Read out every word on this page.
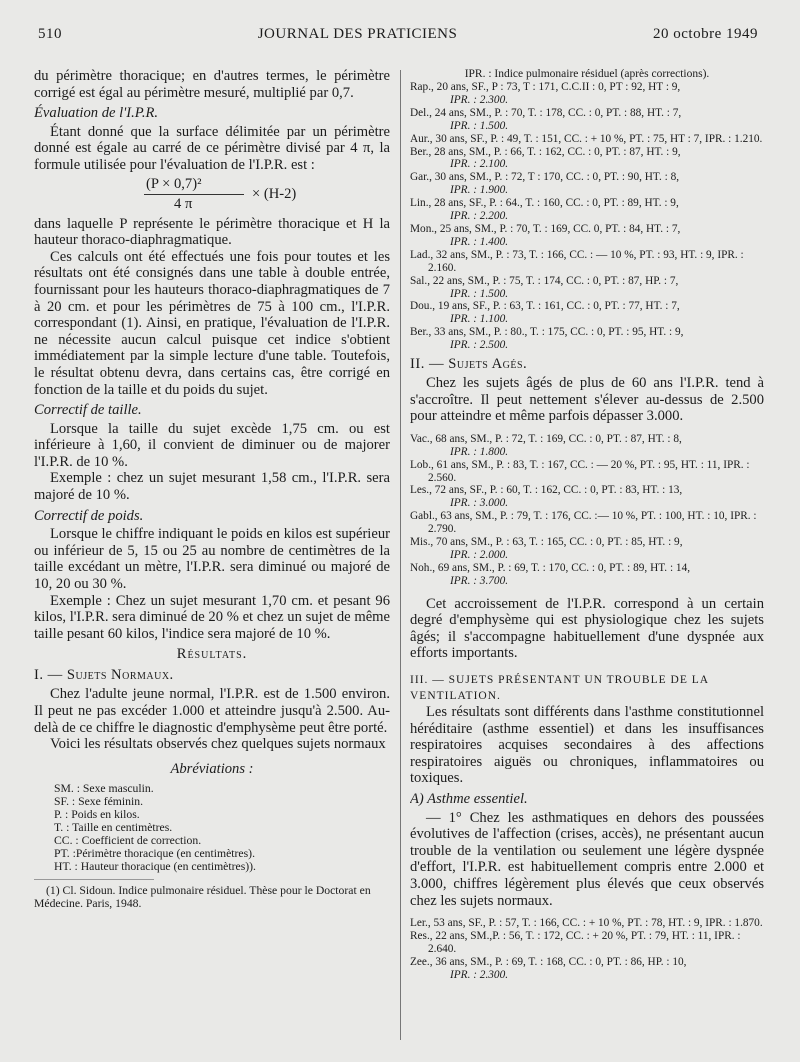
510	JOURNAL DES PRATICIENS	20 octobre 1949

du périmètre thoracique; en d'autres termes, le périmètre corrigé est égal au périmètre mesuré, multiplié par 0,7.

Évaluation de l'I.P.R.

Étant donné que la surface délimitée par un périmètre donné est égale au carré de ce périmètre divisé par 4 π, la formule utilisée pour l'évaluation de l'I.P.R. est :

(P × 0,7)²
4 π
× (H-2)

dans laquelle P représente le périmètre thoracique et H la hauteur thoraco-diaphragmatique.

Ces calculs ont été effectués une fois pour toutes et les résultats ont été consignés dans une table à double entrée, fournissant pour les hauteurs thoraco-diaphragmatiques de 7 à 20 cm. et pour les périmètres de 75 à 100 cm., l'I.P.R. correspondant (1). Ainsi, en pratique, l'évaluation de l'I.P.R. ne nécessite aucun calcul puisque cet indice s'obtient immédiatement par la simple lecture d'une table. Toutefois, le résultat obtenu devra, dans certains cas, être corrigé en fonction de la taille et du poids du sujet.

Correctif de taille.

Lorsque la taille du sujet excède 1,75 cm. ou est inférieure à 1,60, il convient de diminuer ou de majorer l'I.P.R. de 10 %.

Exemple : chez un sujet mesurant 1,58 cm., l'I.P.R. sera majoré de 10 %.

Correctif de poids.

Lorsque le chiffre indiquant le poids en kilos est supérieur ou inférieur de 5, 15 ou 25 au nombre de centimètres de la taille excédant un mètre, l'I.P.R. sera diminué ou majoré de 10, 20 ou 30 %.

Exemple : Chez un sujet mesurant 1,70 cm. et pesant 96 kilos, l'I.P.R. sera diminué de 20 % et chez un sujet de même taille pesant 60 kilos, l'indice sera majoré de 10 %.

Résultats.
I. — Sujets Normaux.

Chez l'adulte jeune normal, l'I.P.R. est de 1.500 environ. Il peut ne pas excéder 1.000 et atteindre jusqu'à 2.500. Au-delà de ce chiffre le diagnostic d'emphysème peut être porté.

Voici les résultats observés chez quelques sujets normaux

Abréviations :

SM. : Sexe masculin.

SF. : Sexe féminin.

P. : Poids en kilos.

T. : Taille en centimètres.

CC. : Coefficient de correction.

PT. :Périmètre thoracique (en centimètres).

HT. : Hauteur thoracique (en centimètres)).

(1) Cl. Sidoun. Indice pulmonaire résiduel. Thèse pour le Doctorat en Médecine. Paris, 1948.

IPR. : Indice pulmonaire résiduel (après corrections).

Rap., 20 ans, SF., P : 73, T : 171, C.C.II : 0, PT : 92, HT : 9,
IPR. : 2.300.

Del., 24 ans, SM., P. : 70, T. : 178, CC. : 0, PT. : 88, HT. : 7,
IPR. : 1.500.

Aur., 30 ans, SF., P. : 49, T. : 151, CC. : + 10 %, PT. : 75, HT : 7, IPR. : 1.210.

Ber., 28 ans, SM., P. : 66, T. : 162, CC. : 0, PT. : 87, HT. : 9,
IPR. : 2.100.

Gar., 30 ans, SM., P. : 72, T : 170, CC. : 0, PT. : 90, HT. : 8,
IPR. : 1.900.

Lin., 28 ans, SF., P. : 64., T. : 160, CC. : 0, PT. : 89, HT. : 9,
IPR. : 2.200.

Mon., 25 ans, SM., P. : 70, T. : 169, CC. 0, PT. : 84, HT. : 7,
IPR. : 1.400.

Lad., 32 ans, SM., P. : 73, T. : 166, CC. : — 10 %, PT. : 93, HT. : 9, IPR. : 2.160.

Sal., 22 ans, SM., P. : 75, T. : 174, CC. : 0, PT. : 87, HP. : 7,
IPR. : 1.500.

Dou., 19 ans, SF., P. : 63, T. : 161, CC. : 0, PT. : 77, HT. : 7,
IPR. : 1.100.

Ber., 33 ans, SM., P. : 80., T. : 175, CC. : 0, PT. : 95, HT. : 9,
IPR. : 2.500.

II. — Sujets Agés.

Chez les sujets âgés de plus de 60 ans l'I.P.R. tend à s'accroître. Il peut nettement s'élever au-dessus de 2.500 pour atteindre et même parfois dépasser 3.000.

Vac., 68 ans, SM., P. : 72, T. : 169, CC. : 0, PT. : 87, HT. : 8,
IPR. : 1.800.

Lob., 61 ans, SM., P. : 83, T. : 167, CC. : — 20 %, PT. : 95, HT. : 11, IPR. : 2.560.

Les., 72 ans, SF., P. : 60, T. : 162, CC. : 0, PT. : 83, HT. : 13,
IPR. : 3.000.

Gabl., 63 ans, SM., P. : 79, T. : 176, CC. :— 10 %, PT. : 100, HT. : 10, IPR. : 2.790.

Mis., 70 ans, SM., P. : 63, T. : 165, CC. : 0, PT. : 85, HT. : 9,
IPR. : 2.000.

Noh., 69 ans, SM., P. : 69, T. : 170, CC. : 0, PT. : 89, HT. : 14,
IPR. : 3.700.

Cet accroissement de l'I.P.R. correspond à un certain degré d'emphysème qui est physiologique chez les sujets âgés; il s'accompagne habituellement d'une dyspnée aux efforts importants.

III. — SUJETS PRÉSENTANT UN TROUBLE DE LA VENTILATION.

Les résultats sont différents dans l'asthme constitutionnel héréditaire (asthme essentiel) et dans les insuffisances respiratoires acquises secondaires à des affections respiratoires aiguës ou chroniques, inflammatoires ou toxiques.

A) Asthme essentiel.

— 1° Chez les asthmatiques en dehors des poussées évolutives de l'affection (crises, accès), ne présentant aucun trouble de la ventilation ou seulement une légère dyspnée d'effort, l'I.P.R. est habituellement compris entre 2.000 et 3.000, chiffres légèrement plus élevés que ceux observés chez les sujets normaux.

Ler., 53 ans, SF., P. : 57, T. : 166, CC. : + 10 %, PT. : 78, HT. : 9, IPR. : 1.870.

Res., 22 ans, SM.,P. : 56, T. : 172, CC. : + 20 %, PT. : 79, HT. : 11, IPR. : 2.640.

Zee., 36 ans, SM., P. : 69, T. : 168, CC. : 0, PT. : 86, HP. : 10,
IPR. : 2.300.
